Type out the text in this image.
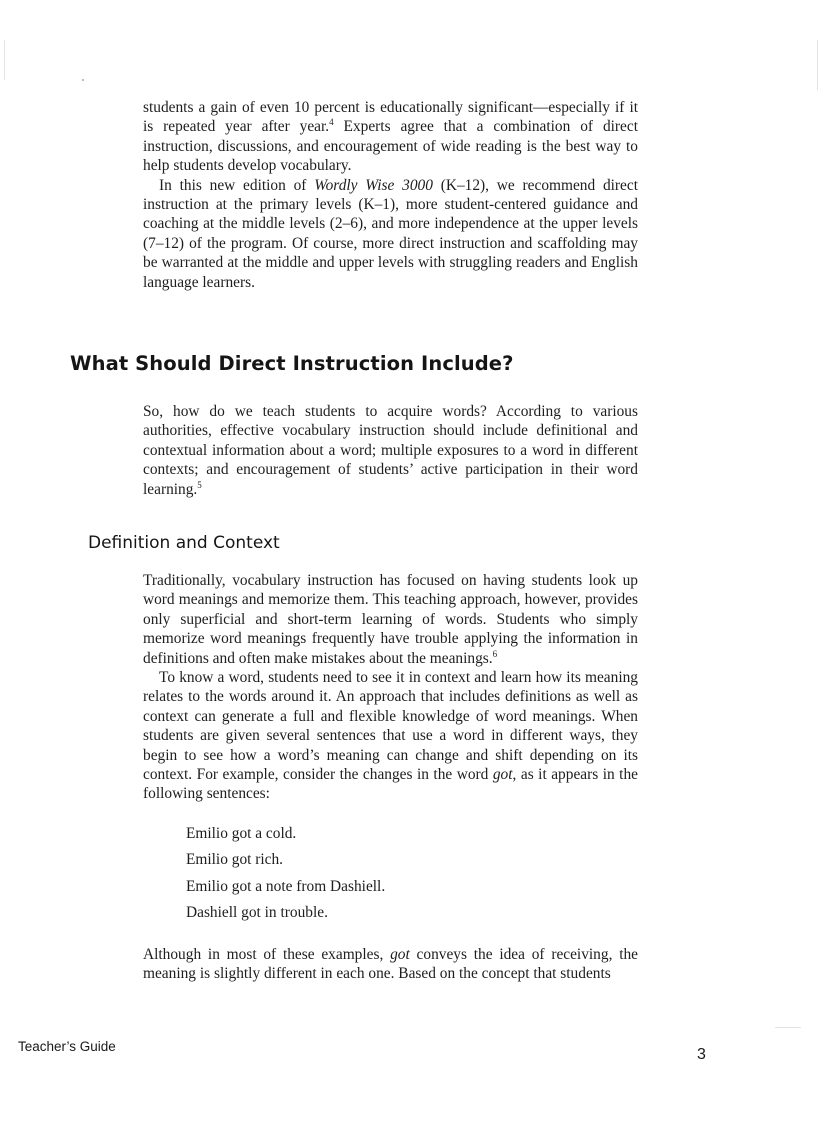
students a gain of even 10 percent is educationally significant—especially if it is repeated year after year.$^4$ Experts agree that a combination of direct instruction, discussions, and encouragement of wide reading is the best way to help students develop vocabulary.

In this new edition of Wordly Wise 3000 (K–12), we recommend direct instruction at the primary levels (K–1), more student-centered guidance and coaching at the middle levels (2–6), and more independence at the upper levels (7–12) of the program. Of course, more direct instruction and scaffolding may be warranted at the middle and upper levels with struggling readers and English language learners.

What Should Direct Instruction Include?

So, how do we teach students to acquire words? According to various authorities, effective vocabulary instruction should include definitional and contextual information about a word; multiple exposures to a word in different contexts; and encouragement of students’ active participation in their word learning.$^5$

Definition and Context

Traditionally, vocabulary instruction has focused on having students look up word meanings and memorize them. This teaching approach, however, provides only superficial and short-term learning of words. Students who simply memorize word meanings frequently have trouble applying the information in definitions and often make mistakes about the meanings.$^6$

To know a word, students need to see it in context and learn how its meaning relates to the words around it. An approach that includes definitions as well as context can generate a full and flexible knowledge of word meanings. When students are given several sentences that use a word in different ways, they begin to see how a word’s meaning can change and shift depending on its context. For example, consider the changes in the word got, as it appears in the following sentences:

Emilio got a cold.
Emilio got rich.
Emilio got a note from Dashiell.
Dashiell got in trouble.

Although in most of these examples, got conveys the idea of receiving, the meaning is slightly different in each one. Based on the concept that students

Teacher’s Guide	3
